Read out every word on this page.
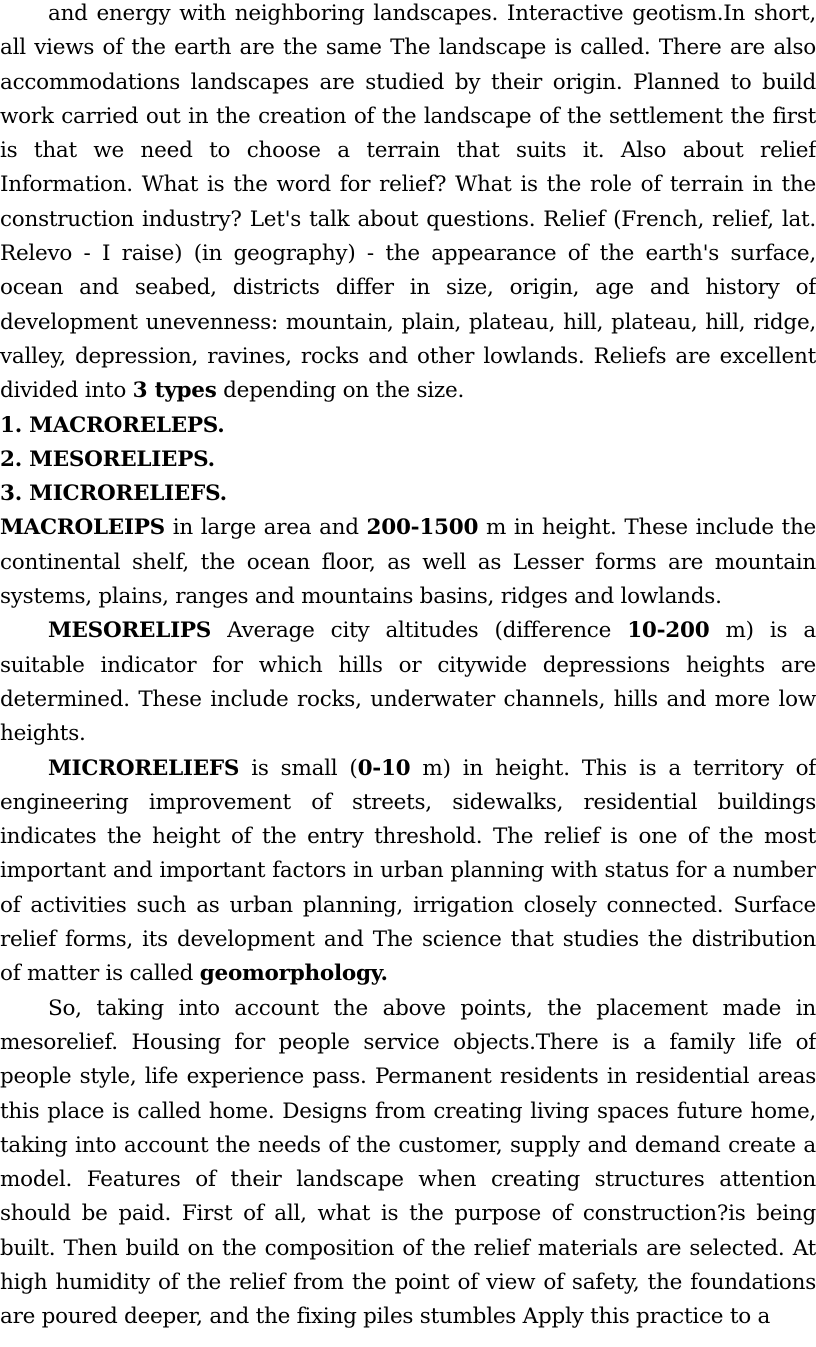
and energy with neighboring landscapes. Interactive geotism.In short, all views of the earth are the same The landscape is called. There are also accommodations landscapes are studied by their origin. Planned to build work carried out in the creation of the landscape of the settlement the first is that we need to choose a terrain that suits it. Also about relief Information. What is the word for relief? What is the role of terrain in the construction industry? Let's talk about questions. Relief (French, relief, lat. Relevo - I raise) (in geography) - the appearance of the earth's surface, ocean and seabed, districts differ in size, origin, age and history of development unevenness: mountain, plain, plateau, hill, plateau, hill, ridge, valley, depression, ravines, rocks and other lowlands. Reliefs are excellent divided into 3 types depending on the size.

1. MACRORELEPS.

2. MESORELIEPS.

3. MICRORELIEFS.

MACROLEIPS in large area and 200-1500 m in height. These include the continental shelf, the ocean floor, as well as Lesser forms are mountain systems, plains, ranges and mountains basins, ridges and lowlands.

MESORELIPS Average city altitudes (difference 10-200 m) is a suitable indicator for which hills or citywide depressions heights are determined. These include rocks, underwater channels, hills and more low heights.

MICRORELIEFS is small (0-10 m) in height. This is a territory of engineering improvement of streets, sidewalks, residential buildings indicates the height of the entry threshold. The relief is one of the most important and important factors in urban planning with status for a number of activities such as urban planning, irrigation closely connected. Surface relief forms, its development and The science that studies the distribution of matter is called geomorphology.

So, taking into account the above points, the placement made in mesorelief. Housing for people service objects.There is a family life of people style, life experience pass. Permanent residents in residential areas this place is called home. Designs from creating living spaces future home, taking into account the needs of the customer, supply and demand create a model. Features of their landscape when creating structures attention should be paid. First of all, what is the purpose of construction?is being built. Then build on the composition of the relief materials are selected. At high humidity of the relief from the point of view of safety, the foundations are poured deeper, and the fixing piles stumbles Apply this practice to a
